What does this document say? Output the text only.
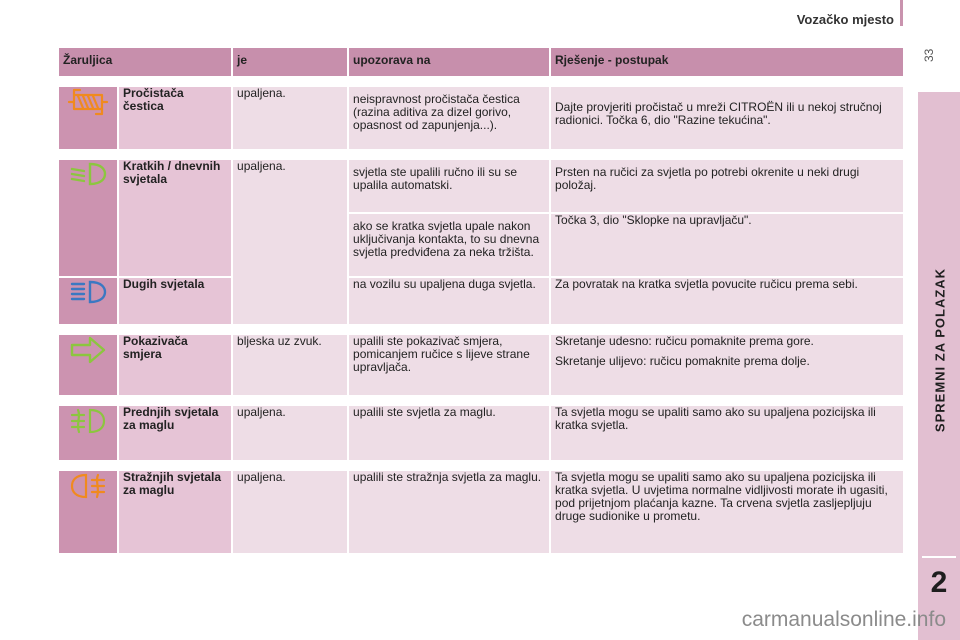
Vozačko mjesto
33
SPREMNI ZA POLAZAK
2
Žaruljica		je	upozorava na	Rješenje - postupak

	Pročistača čestica	upaljena.	neispravnost pročistača čestica (razina aditiva za dizel gorivo, opasnost od zapunjenja...).	Dajte provjeriti pročistač u mreži CITROËN ili u nekoj stručnoj radionici. Točka 6, dio "Razine tekućina".

	Kratkih / dnevnih svjetala	upaljena.	svjetla ste upalili ručno ili su se upalila automatski.	Prsten na ručici za svjetla po potrebi okrenite u neki drugi položaj.
			ako se kratka svjetla upale nakon uključivanja kontakta, to su dnevna svjetla predviđena za neka tržišta.	Točka 3, dio "Sklopke na upravljaču".

	Dugih svjetala		na vozilu su upaljena duga svjetla.	Za povratak na kratka svjetla povucite ručicu prema sebi.

	Pokazivača smjera	bljeska uz zvuk.	upalili ste pokazivač smjera, pomicanjem ručice s lijeve strane upravljača.	Skretanje udesno: ručicu pomaknite prema gore.

Skretanje ulijevo: ručicu pomaknite prema dolje.

	Prednjih svjetala za maglu	upaljena.	upalili ste svjetla za maglu.	Ta svjetla mogu se upaliti samo ako su upaljena pozicijska ili kratka svjetla.

	Stražnjih svjetala za maglu	upaljena.	upalili ste stražnja svjetla za maglu.	Ta svjetla mogu se upaliti samo ako su upaljena pozicijska ili kratka svjetla. U uvjetima normalne vidljivosti morate ih ugasiti, pod prijetnjom plaćanja kazne. Ta crvena svjetla zasljepljuju druge sudionike u prometu.
carmanualsonline.info
